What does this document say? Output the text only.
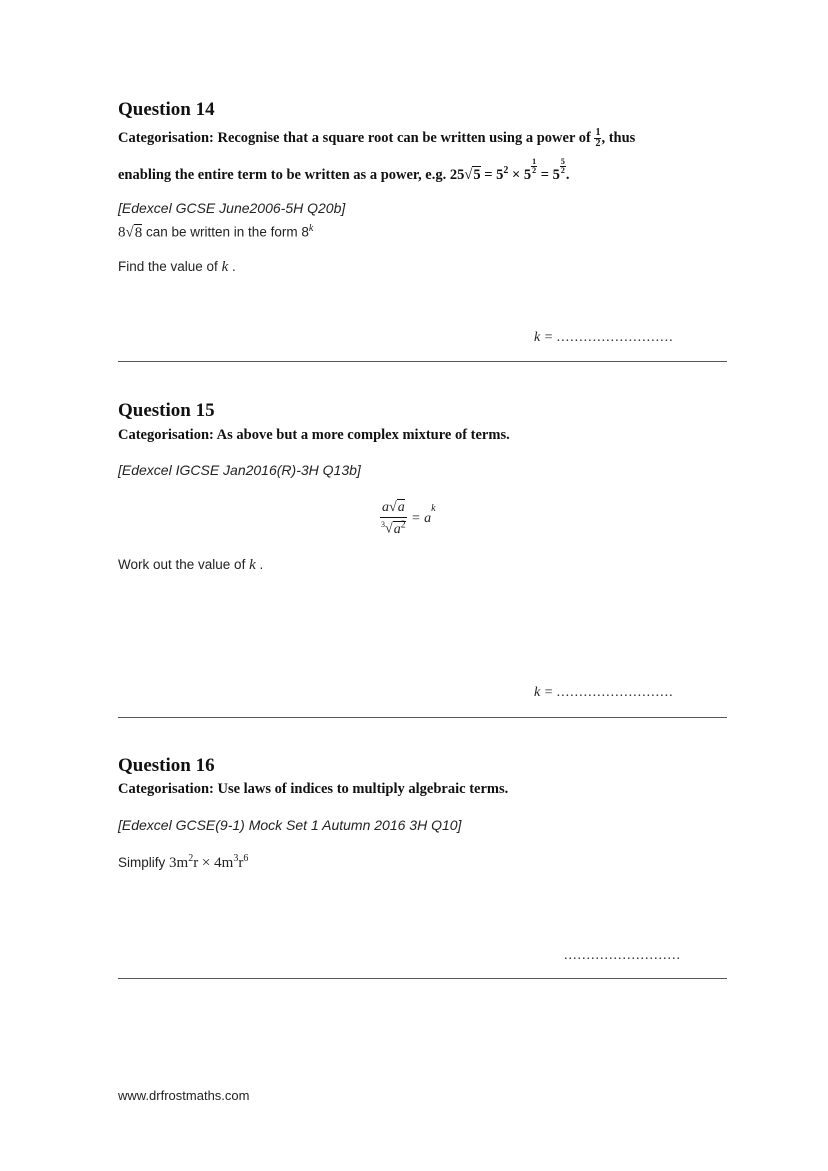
Question 14
Categorisation: Recognise that a square root can be written using a power of $\frac{1}{2}$ , thus
enabling the entire term to be written as a power, e.g. $25√5 = 5^2 \times 5 \frac{1}{2} = 5 \frac{5}{2}$ .
[Edexcel GCSE June2006-5H Q20b]
8√8 can be written in the form 8$^k$
Find the value of k .
k = ..........................
Question 15
Categorisation: As above but a more complex mixture of terms.
[Edexcel IGCSE Jan2016(R)-3H Q13b]
$\frac{a√a}{^3√a^2} = a^k$
Work out the value of k .
k = ..........................
Question 16
Categorisation: Use laws of indices to multiply algebraic terms.
[Edexcel GCSE(9-1) Mock Set 1 Autumn 2016 3H Q10]
Simplify $3m^2r \times 4m^3r^6$
..........................
www.drfrostmaths.com
